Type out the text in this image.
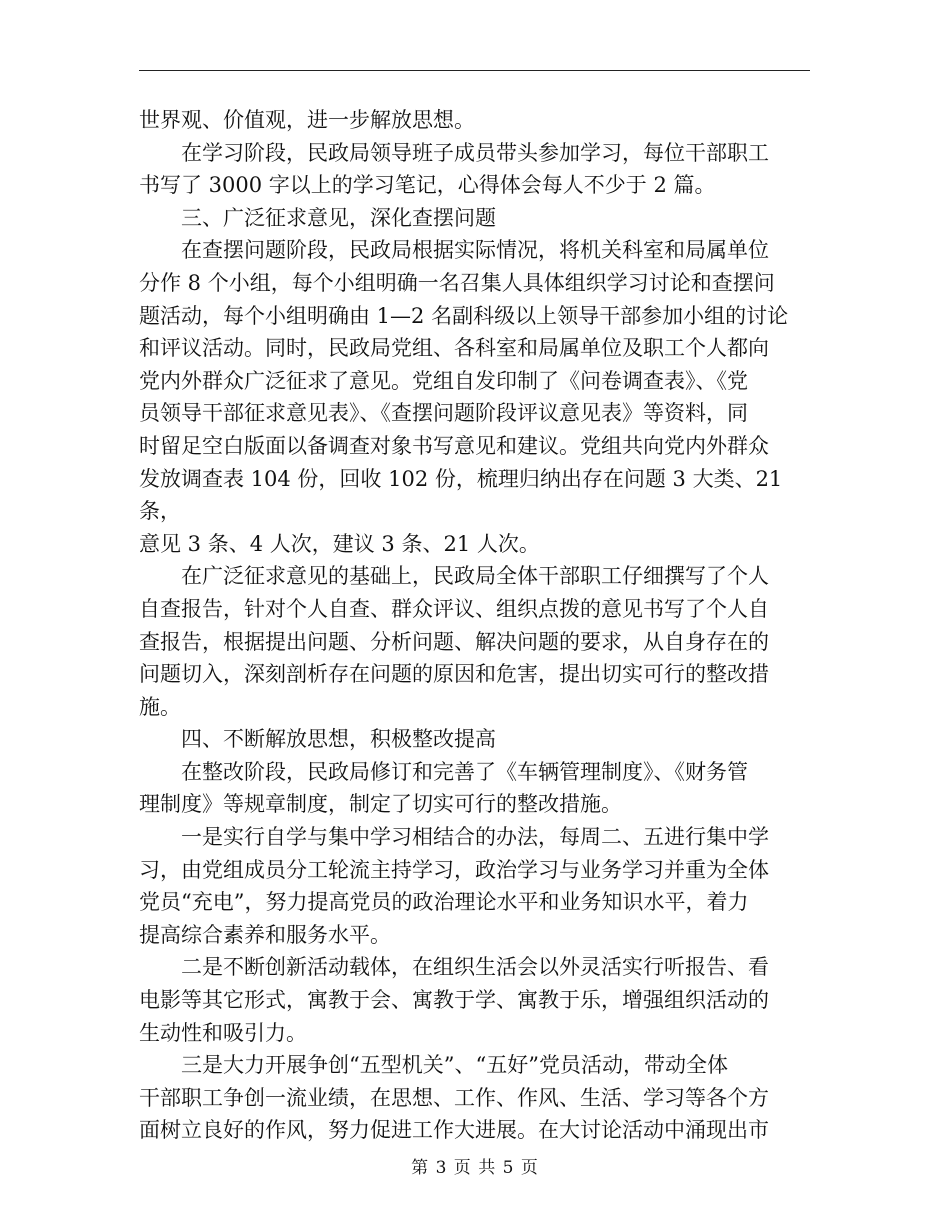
世界观、价值观，进一步解放思想。

　　在学习阶段，民政局领导班子成员带头参加学习，每位干部职工

书写了 3000 字以上的学习笔记，心得体会每人不少于 2 篇。

　　三、广泛征求意见，深化查摆问题

　　在查摆问题阶段，民政局根据实际情况，将机关科室和局属单位

分作 8 个小组，每个小组明确一名召集人具体组织学习讨论和查摆问

题活动，每个小组明确由 1—2 名副科级以上领导干部参加小组的讨论

和评议活动。同时，民政局党组、各科室和局属单位及职工个人都向

党内外群众广泛征求了意见。党组自发印制了《问卷调查表》、《党

员领导干部征求意见表》、《查摆问题阶段评议意见表》等资料，同

时留足空白版面以备调查对象书写意见和建议。党组共向党内外群众

发放调查表 104 份，回收 102 份，梳理归纳出存在问题 3 大类、21 条，

意见 3 条、4 人次，建议 3 条、21 人次。

　　在广泛征求意见的基础上，民政局全体干部职工仔细撰写了个人

自查报告，针对个人自查、群众评议、组织点拨的意见书写了个人自

查报告，根据提出问题、分析问题、解决问题的要求，从自身存在的

问题切入，深刻剖析存在问题的原因和危害，提出切实可行的整改措

施。

　　四、不断解放思想，积极整改提高

　　在整改阶段，民政局修订和完善了《车辆管理制度》、《财务管

理制度》等规章制度，制定了切实可行的整改措施。

　　一是实行自学与集中学习相结合的办法，每周二、五进行集中学

习，由党组成员分工轮流主持学习，政治学习与业务学习并重为全体

党员“充电”，努力提高党员的政治理论水平和业务知识水平，着力

提高综合素养和服务水平。

　　二是不断创新活动载体，在组织生活会以外灵活实行听报告、看

电影等其它形式，寓教于会、寓教于学、寓教于乐，增强组织活动的

生动性和吸引力。

　　三是大力开展争创“五型机关”、“五好”党员活动，带动全体

干部职工争创一流业绩，在思想、工作、作风、生活、学习等各个方

面树立良好的作风，努力促进工作大进展。在大讨论活动中涌现出市

第 3 页 共 5 页
